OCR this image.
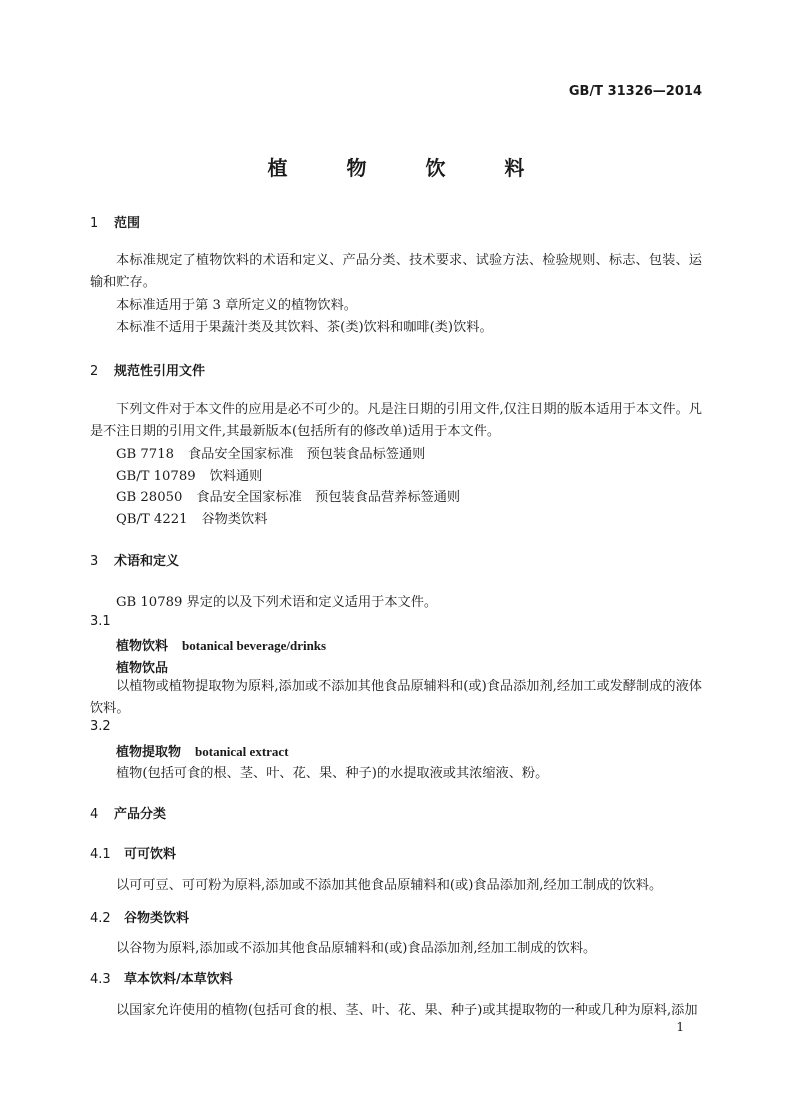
GB/T 31326—2014
植 物 饮 料
1 范围
本标准规定了植物饮料的术语和定义、产品分类、技术要求、试验方法、检验规则、标志、包装、运输和贮存。
本标准适用于第 3 章所定义的植物饮料。
本标准不适用于果蔬汁类及其饮料、茶(类)饮料和咖啡(类)饮料。
2 规范性引用文件
下列文件对于本文件的应用是必不可少的。凡是注日期的引用文件,仅注日期的版本适用于本文件。凡是不注日期的引用文件,其最新版本(包括所有的修改单)适用于本文件。
GB 7718 食品安全国家标准　预包装食品标签通则
GB/T 10789 饮料通则
GB 28050 食品安全国家标准　预包装食品营养标签通则
QB/T 4221 谷物类饮料
3 术语和定义
GB 10789 界定的以及下列术语和定义适用于本文件。
3.1
植物饮料 botanical beverage/drinks
植物饮品
以植物或植物提取物为原料,添加或不添加其他食品原辅料和(或)食品添加剂,经加工或发酵制成的液体饮料。
3.2
植物提取物 botanical extract
植物(包括可食的根、茎、叶、花、果、种子)的水提取液或其浓缩液、粉。
4 产品分类
4.1 可可饮料
以可可豆、可可粉为原料,添加或不添加其他食品原辅料和(或)食品添加剂,经加工制成的饮料。
4.2 谷物类饮料
以谷物为原料,添加或不添加其他食品原辅料和(或)食品添加剂,经加工制成的饮料。
4.3 草本饮料/本草饮料
以国家允许使用的植物(包括可食的根、茎、叶、花、果、种子)或其提取物的一种或几种为原料,添加
1
